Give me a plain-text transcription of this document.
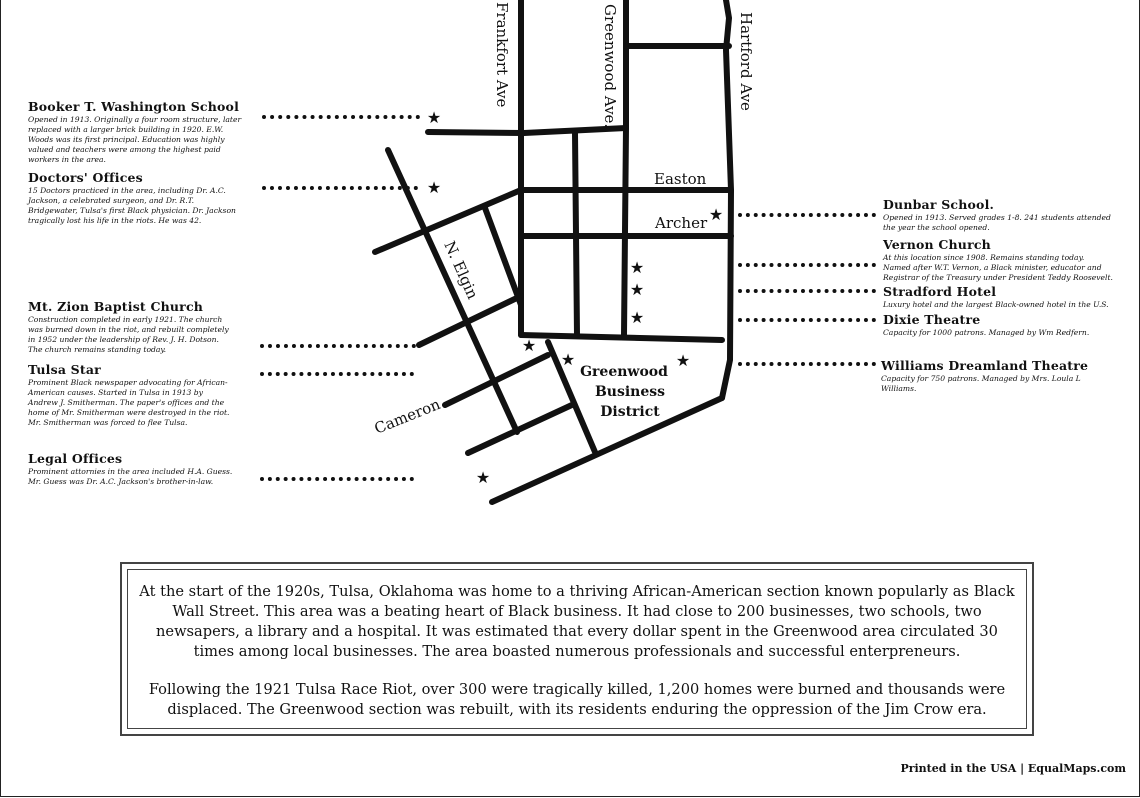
Frankfort Ave	Greenwood Ave.	Hartford Ave
Easton
Archer
N. Elgin
Cameron
Greenwood
Business
District
★
★
★
★
★
★
★
★	★
★
Booker T. Washington School
Opened in 1913. Originally a four room structure, later replaced with a larger brick building in 1920. E.W. Woods was its first principal. Education was highly valued and teachers were among the highest paid workers in the area.
Doctors' Offices
15 Doctors practiced in the area, including Dr. A.C. Jackson, a celebrated surgeon, and Dr. R.T. Bridgewater, Tulsa's first Black physician. Dr. Jackson tragically lost his life in the riots. He was 42.
Mt. Zion Baptist Church
Construction completed in early 1921. The church was burned down in the riot, and rebuilt completely in 1952 under the leadership of Rev. J. H. Dotson. The church remains standing today.
Tulsa Star
Prominent Black newspaper advocating for African-American causes. Started in Tulsa in 1913 by Andrew J. Smitherman. The paper's offices and the home of Mr. Smitherman were destroyed in the riot. Mr. Smitherman was forced to flee Tulsa.
Legal Offices
Prominent attornies in the area included H.A. Guess. Mr. Guess was Dr. A.C. Jackson's brother-in-law.
Dunbar School.
Opened in 1913. Served grades 1-8. 241 students attended the year the school opened.
Vernon Church
At this location since 1908. Remains standing today. Named after W.T. Vernon, a Black minister, educator and Registrar of the Treasury under President Teddy Roosevelt.
Stradford Hotel
Luxury hotel and the largest Black-owned hotel in the U.S.
Dixie Theatre
Capacity for 1000 patrons. Managed by Wm Redfern.
Williams Dreamland Theatre
Capacity for 750 patrons. Managed by Mrs. Loula L Williams.

At the start of the 1920s, Tulsa, Oklahoma was home to a thriving African-American section known popularly as Black Wall Street. This area was a beating heart of Black business. It had close to 200 businesses, two schools, two newsapers, a library and a hospital. It was estimated that every dollar spent in the Greenwood area circulated 30 times among local businesses. The area boasted numerous professionals and successful enterpreneurs.

Following the 1921 Tulsa Race Riot, over 300 were tragically killed, 1,200 homes were burned and thousands were displaced. The Greenwood section was rebuilt, with its residents enduring the oppression of the Jim Crow era.

Printed in the USA | EqualMaps.com
